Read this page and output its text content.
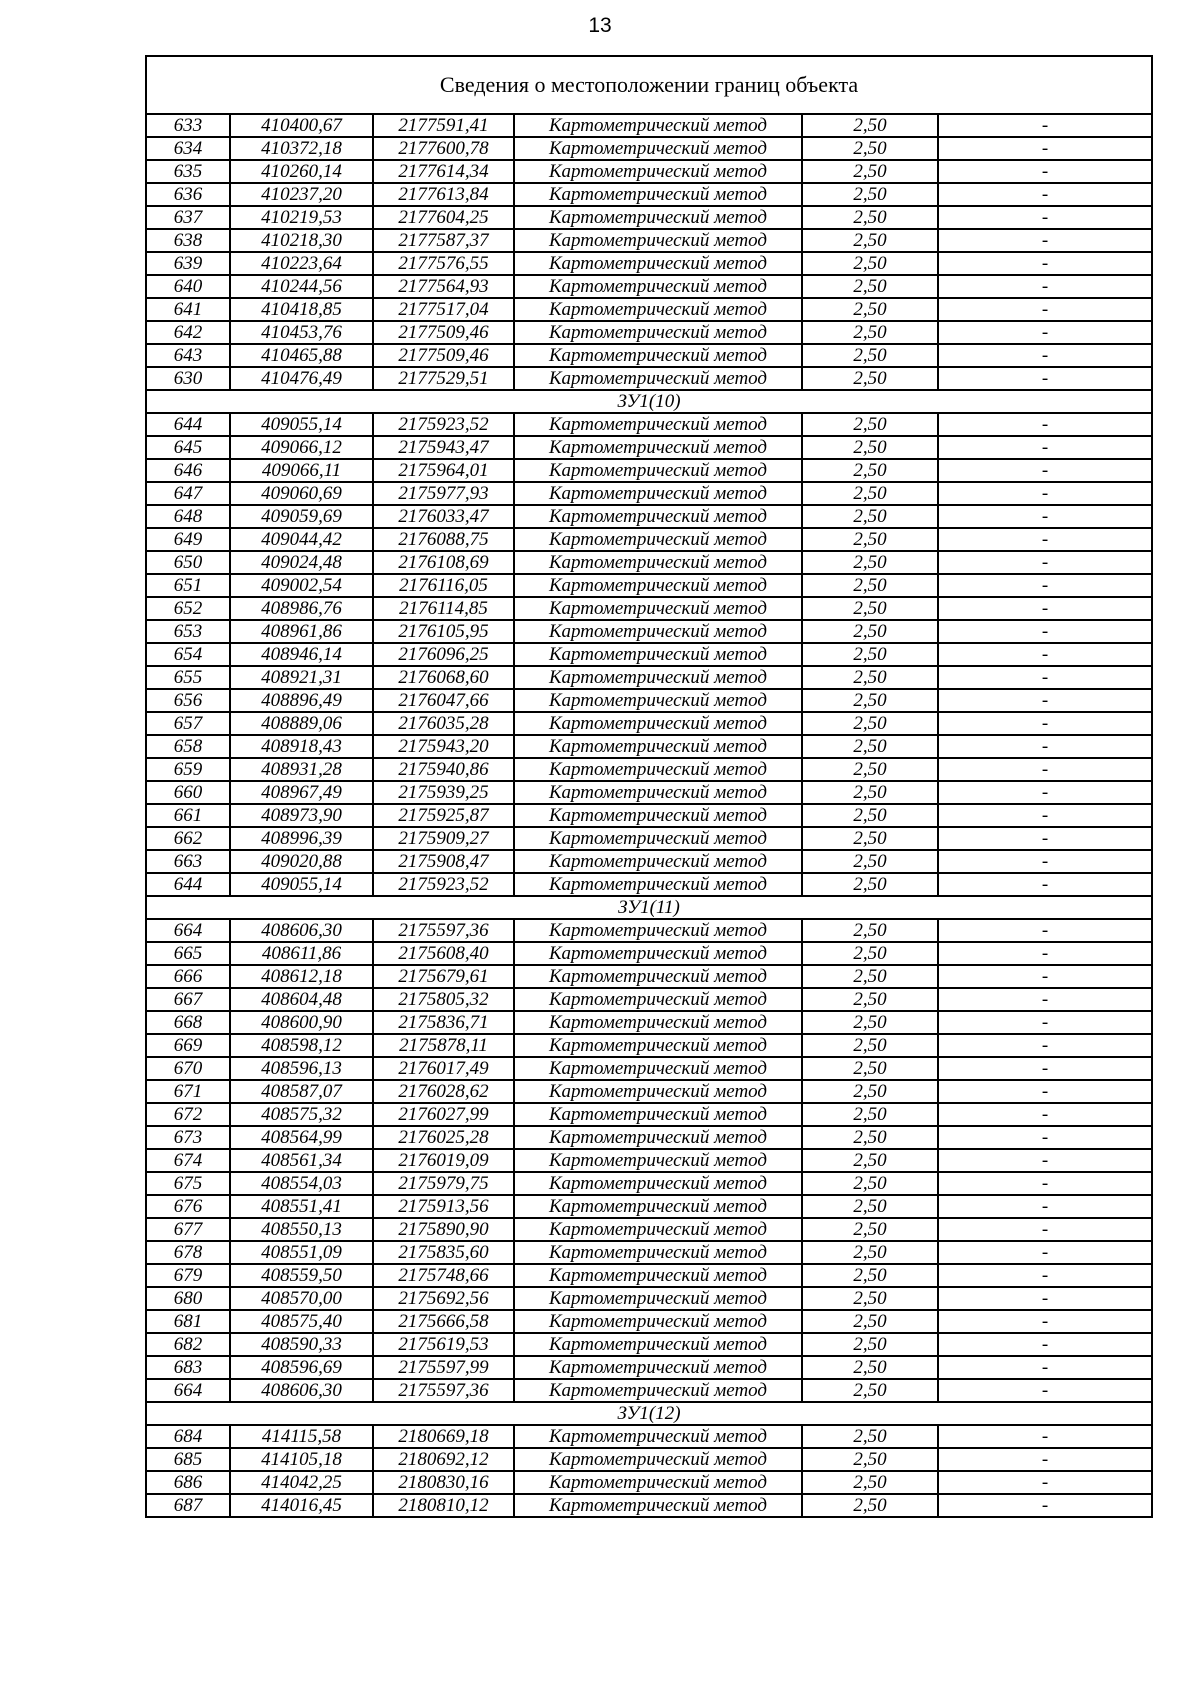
13
Сведения о местоположении границ объекта					
633	410400,67	2177591,41	Картометрический метод	2,50	-
634	410372,18	2177600,78	Картометрический метод	2,50	-
635	410260,14	2177614,34	Картометрический метод	2,50	-
636	410237,20	2177613,84	Картометрический метод	2,50	-
637	410219,53	2177604,25	Картометрический метод	2,50	-
638	410218,30	2177587,37	Картометрический метод	2,50	-
639	410223,64	2177576,55	Картометрический метод	2,50	-
640	410244,56	2177564,93	Картометрический метод	2,50	-
641	410418,85	2177517,04	Картометрический метод	2,50	-
642	410453,76	2177509,46	Картометрический метод	2,50	-
643	410465,88	2177509,46	Картометрический метод	2,50	-
630	410476,49	2177529,51	Картометрический метод	2,50	-
ЗУ1(10)					
644	409055,14	2175923,52	Картометрический метод	2,50	-
645	409066,12	2175943,47	Картометрический метод	2,50	-
646	409066,11	2175964,01	Картометрический метод	2,50	-
647	409060,69	2175977,93	Картометрический метод	2,50	-
648	409059,69	2176033,47	Картометрический метод	2,50	-
649	409044,42	2176088,75	Картометрический метод	2,50	-
650	409024,48	2176108,69	Картометрический метод	2,50	-
651	409002,54	2176116,05	Картометрический метод	2,50	-
652	408986,76	2176114,85	Картометрический метод	2,50	-
653	408961,86	2176105,95	Картометрический метод	2,50	-
654	408946,14	2176096,25	Картометрический метод	2,50	-
655	408921,31	2176068,60	Картометрический метод	2,50	-
656	408896,49	2176047,66	Картометрический метод	2,50	-
657	408889,06	2176035,28	Картометрический метод	2,50	-
658	408918,43	2175943,20	Картометрический метод	2,50	-
659	408931,28	2175940,86	Картометрический метод	2,50	-
660	408967,49	2175939,25	Картометрический метод	2,50	-
661	408973,90	2175925,87	Картометрический метод	2,50	-
662	408996,39	2175909,27	Картометрический метод	2,50	-
663	409020,88	2175908,47	Картометрический метод	2,50	-
644	409055,14	2175923,52	Картометрический метод	2,50	-
ЗУ1(11)					
664	408606,30	2175597,36	Картометрический метод	2,50	-
665	408611,86	2175608,40	Картометрический метод	2,50	-
666	408612,18	2175679,61	Картометрический метод	2,50	-
667	408604,48	2175805,32	Картометрический метод	2,50	-
668	408600,90	2175836,71	Картометрический метод	2,50	-
669	408598,12	2175878,11	Картометрический метод	2,50	-
670	408596,13	2176017,49	Картометрический метод	2,50	-
671	408587,07	2176028,62	Картометрический метод	2,50	-
672	408575,32	2176027,99	Картометрический метод	2,50	-
673	408564,99	2176025,28	Картометрический метод	2,50	-
674	408561,34	2176019,09	Картометрический метод	2,50	-
675	408554,03	2175979,75	Картометрический метод	2,50	-
676	408551,41	2175913,56	Картометрический метод	2,50	-
677	408550,13	2175890,90	Картометрический метод	2,50	-
678	408551,09	2175835,60	Картометрический метод	2,50	-
679	408559,50	2175748,66	Картометрический метод	2,50	-
680	408570,00	2175692,56	Картометрический метод	2,50	-
681	408575,40	2175666,58	Картометрический метод	2,50	-
682	408590,33	2175619,53	Картометрический метод	2,50	-
683	408596,69	2175597,99	Картометрический метод	2,50	-
664	408606,30	2175597,36	Картометрический метод	2,50	-
ЗУ1(12)					
684	414115,58	2180669,18	Картометрический метод	2,50	-
685	414105,18	2180692,12	Картометрический метод	2,50	-
686	414042,25	2180830,16	Картометрический метод	2,50	-
687	414016,45	2180810,12	Картометрический метод	2,50	-
